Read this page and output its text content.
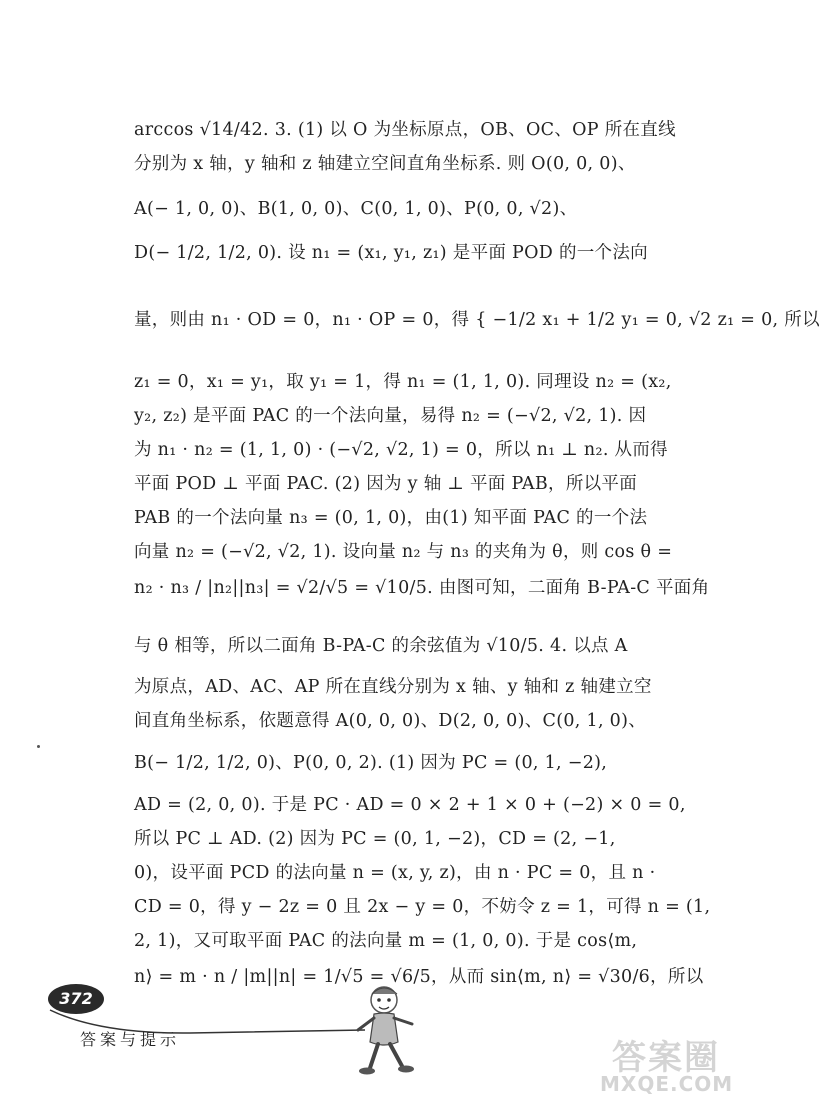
arccos √14/42. 3. (1) 以 O 为坐标原点，OB、OC、OP 所在直线
分别为 x 轴，y 轴和 z 轴建立空间直角坐标系. 则 O(0, 0, 0)、
A(− 1, 0, 0)、B(1, 0, 0)、C(0, 1, 0)、P(0, 0, √2)、
D(− 1/2, 1/2, 0). 设 n₁ = (x₁, y₁, z₁) 是平面 POD 的一个法向
量，则由 n₁ · OD = 0，n₁ · OP = 0，得 { −1/2 x₁ + 1/2 y₁ = 0, √2 z₁ = 0, 所以
z₁ = 0，x₁ = y₁，取 y₁ = 1，得 n₁ = (1, 1, 0). 同理设 n₂ = (x₂,
y₂, z₂) 是平面 PAC 的一个法向量，易得 n₂ = (−√2, √2, 1). 因
为 n₁ · n₂ = (1, 1, 0) · (−√2, √2, 1) = 0，所以 n₁ ⊥ n₂. 从而得
平面 POD ⊥ 平面 PAC. (2) 因为 y 轴 ⊥ 平面 PAB，所以平面
PAB 的一个法向量 n₃ = (0, 1, 0)，由(1) 知平面 PAC 的一个法
向量 n₂ = (−√2, √2, 1). 设向量 n₂ 与 n₃ 的夹角为 θ，则 cos θ =
n₂ · n₃ / |n₂||n₃| = √2/√5 = √10/5. 由图可知，二面角 B-PA-C 平面角
与 θ 相等，所以二面角 B-PA-C 的余弦值为 √10/5. 4. 以点 A
为原点，AD、AC、AP 所在直线分别为 x 轴、y 轴和 z 轴建立空
间直角坐标系，依题意得 A(0, 0, 0)、D(2, 0, 0)、C(0, 1, 0)、
B(− 1/2, 1/2, 0)、P(0, 0, 2). (1) 因为 PC = (0, 1, −2),
AD = (2, 0, 0). 于是 PC · AD = 0 × 2 + 1 × 0 + (−2) × 0 = 0,
所以 PC ⊥ AD. (2) 因为 PC = (0, 1, −2)，CD = (2, −1,
0)，设平面 PCD 的法向量 n = (x, y, z)，由 n · PC = 0，且 n ·
CD = 0，得 y − 2z = 0 且 2x − y = 0，不妨令 z = 1，可得 n = (1,
2, 1)，又可取平面 PAC 的法向量 m = (1, 0, 0). 于是 cos⟨m,
n⟩ = m · n / |m||n| = 1/√5 = √6/5，从而 sin⟨m, n⟩ = √30/6，所以
372
答案与提示	答案圈
MXQE.COM
